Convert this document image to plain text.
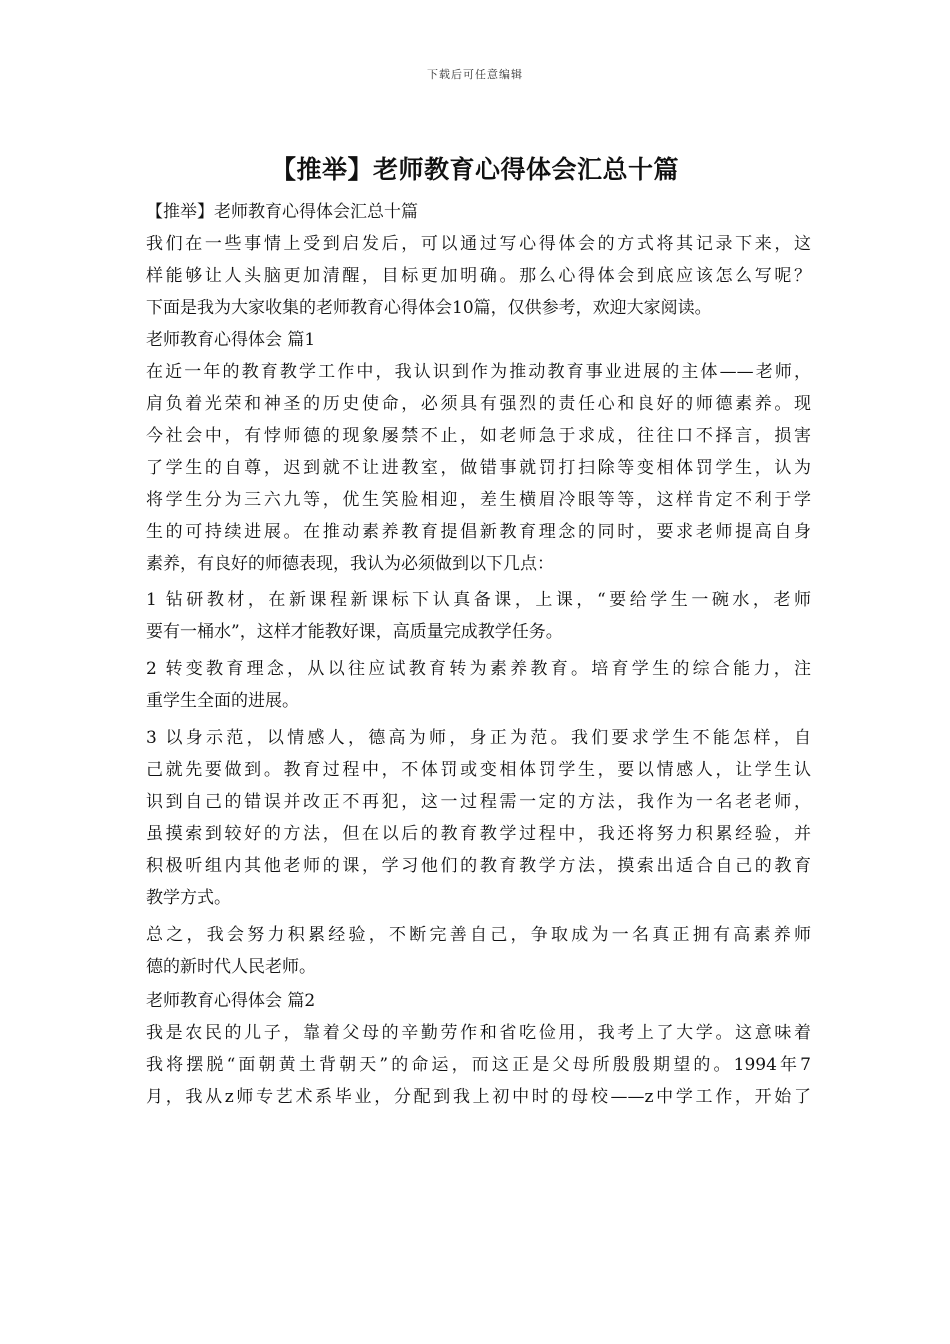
下载后可任意编辑
【推举】老师教育心得体会汇总十篇
【推举】老师教育心得体会汇总十篇
我们在一些事情上受到启发后，可以通过写心得体会的方式将其记录下来，这
样能够让人头脑更加清醒，目标更加明确。那么心得体会到底应该怎么写呢？
下面是我为大家收集的老师教育心得体会10篇，仅供参考，欢迎大家阅读。
老师教育心得体会 篇1
在近一年的教育教学工作中，我认识到作为推动教育事业进展的主体——老师，
肩负着光荣和神圣的历史使命，必须具有强烈的责任心和良好的师德素养。现
今社会中，有悖师德的现象屡禁不止，如老师急于求成，往往口不择言，损害
了学生的自尊，迟到就不让进教室，做错事就罚打扫除等变相体罚学生，认为
将学生分为三六九等，优生笑脸相迎，差生横眉冷眼等等，这样肯定不利于学
生的可持续进展。在推动素养教育提倡新教育理念的同时，要求老师提高自身
素养，有良好的师德表现，我认为必须做到以下几点：
1 钻研教材，在新课程新课标下认真备课，上课，“要给学生一碗水，老师
要有一桶水”，这样才能教好课，高质量完成教学任务。
2 转变教育理念，从以往应试教育转为素养教育。培育学生的综合能力，注
重学生全面的进展。
3 以身示范，以情感人，德高为师，身正为范。我们要求学生不能怎样，自
己就先要做到。教育过程中，不体罚或变相体罚学生，要以情感人，让学生认
识到自己的错误并改正不再犯，这一过程需一定的方法，我作为一名老老师，
虽摸索到较好的方法，但在以后的教育教学过程中，我还将努力积累经验，并
积极听组内其他老师的课，学习他们的教育教学方法，摸索出适合自己的教育
教学方式。
总之，我会努力积累经验，不断完善自己，争取成为一名真正拥有高素养师
德的新时代人民老师。
老师教育心得体会 篇2
我是农民的儿子，靠着父母的辛勤劳作和省吃俭用，我考上了大学。这意味着
我将摆脱“面朝黄土背朝天”的命运，而这正是父母所殷殷期望的。1994年7
月，我从z师专艺术系毕业，分配到我上初中时的母校——z中学工作，开始了
